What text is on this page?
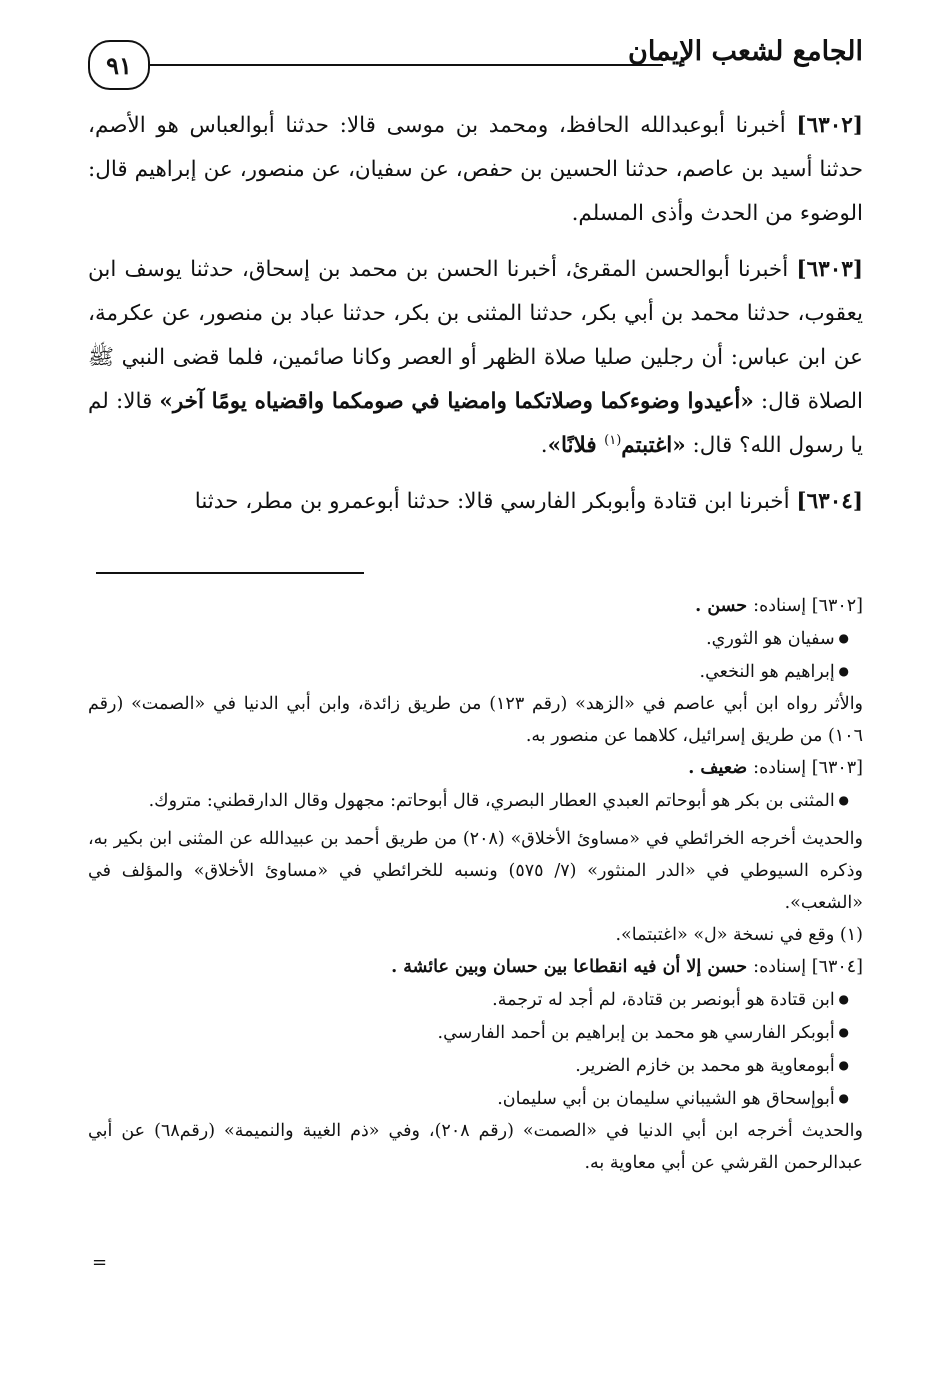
الجامع لشعب الإيمان
٩١

[٦٣٠٢] أخبرنا أبوعبدالله الحافظ، ومحمد بن موسى قالا: حدثنا أبوالعباس هو الأصم، حدثنا أسيد بن عاصم، حدثنا الحسين بن حفص، عن سفيان، عن منصور، عن إبراهيم قال: الوضوء من الحدث وأذى المسلم.

[٦٣٠٣] أخبرنا أبوالحسن المقرئ، أخبرنا الحسن بن محمد بن إسحاق، حدثنا يوسف ابن يعقوب، حدثنا محمد بن أبي بكر، حدثنا المثنى بن بكر، حدثنا عباد بن منصور، عن عكرمة، عن ابن عباس: أن رجلين صليا صلاة الظهر أو العصر وكانا صائمين، فلما قضى النبي ﷺ الصلاة قال: «أعيدوا وضوءكما وصلاتكما وامضيا في صومكما واقضياه يومًا آخر» قالا: لم يا رسول الله؟ قال: «اغتبتم$^{(١)}$ فلانًا».

[٦٣٠٤] أخبرنا ابن قتادة وأبوبكر الفارسي قالا: حدثنا أبوعمرو بن مطر، حدثنا

[٦٣٠٢] إسناده: حسن .

● سفيان هو الثوري.

● إبراهيم هو النخعي.

والأثر رواه ابن أبي عاصم في «الزهد» (رقم ١٢٣) من طريق زائدة، وابن أبي الدنيا في «الصمت» (رقم ١٠٦) من طريق إسرائيل، كلاهما عن منصور به.

[٦٣٠٣] إسناده: ضعيف .

● المثنى بن بكر هو أبوحاتم العبدي العطار البصري، قال أبوحاتم: مجهول وقال الدارقطني: متروك.

والحديث أخرجه الخرائطي في «مساوئ الأخلاق» (٢٠٨) من طريق أحمد بن عبيدالله عن المثنى ابن بكير به، وذكره السيوطي في «الدر المنثور» (٧/ ٥٧٥) ونسبه للخرائطي في «مساوئ الأخلاق» والمؤلف في «الشعب».

(١) وقع في نسخة «ل» «اغتبتما».

[٦٣٠٤] إسناده: حسن إلا أن فيه انقطاعا بين حسان وبين عائشة .

● ابن قتادة هو أبونصر بن قتادة، لم أجد له ترجمة.

● أبوبكر الفارسي هو محمد بن إبراهيم بن أحمد الفارسي.

● أبومعاوية هو محمد بن خازم الضرير.

● أبوإسحاق هو الشيباني سليمان بن أبي سليمان.

والحديث أخرجه ابن أبي الدنيا في «الصمت» (رقم ٢٠٨)، وفي «ذم الغيبة والنميمة» (رقم٦٨) عن أبي عبدالرحمن القرشي عن أبي معاوية به.

=
